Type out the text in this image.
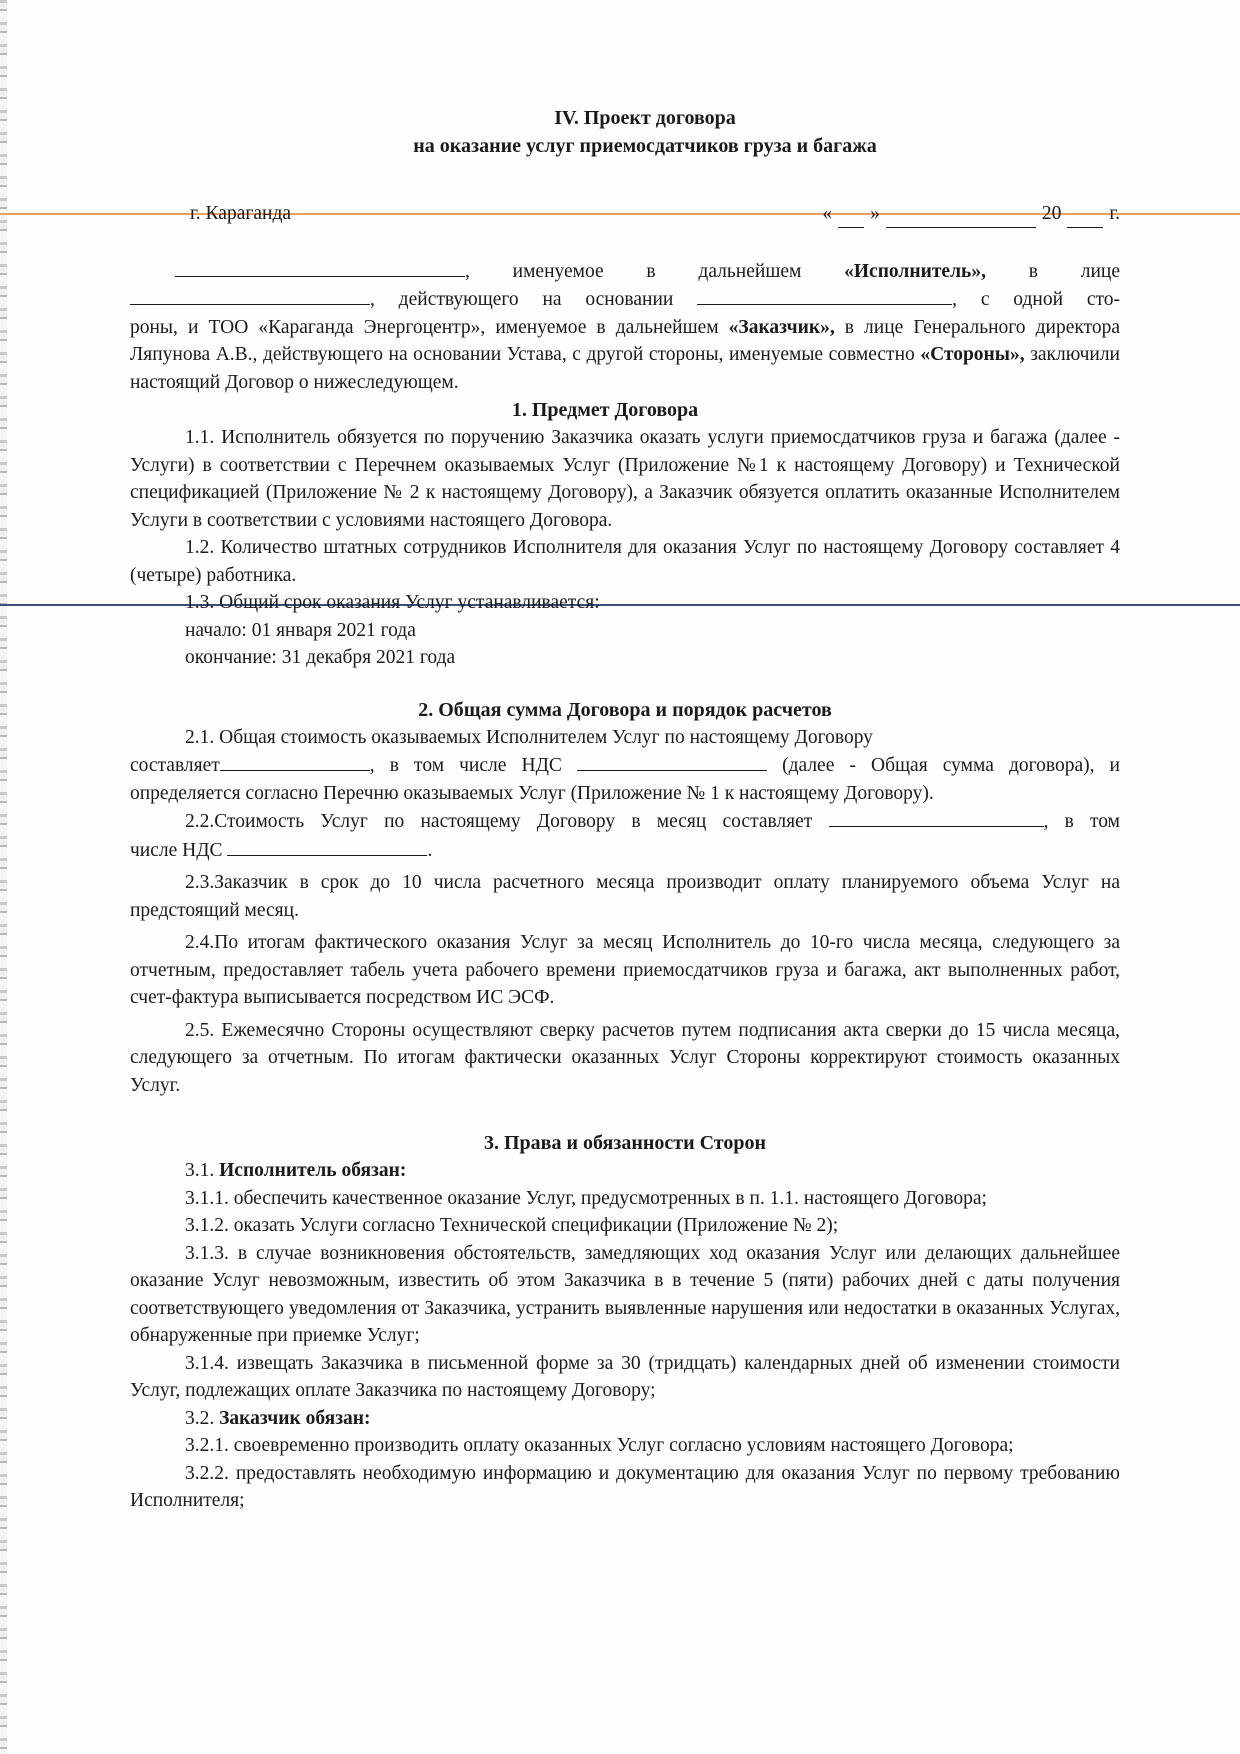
IV. Проект договора
на оказание услуг приемосдатчиков груза и багажа
г. Караганда	« »	20 г.
, именуемое в дальнейшем «Исполнитель», в лице
, действующего на основании	, с одной сто-
роны, и ТОО «Караганда Энергоцентр», именуемое в дальнейшем «Заказчик», в лице Генерального директора Ляпунова А.В., действующего на основании Устава, с другой стороны, именуемые совместно «Стороны», заключили настоящий Договор о нижеследующем.
1. Предмет Договора
1.1. Исполнитель обязуется по поручению Заказчика оказать услуги приемосдатчиков груза и багажа (далее - Услуги) в соответствии с Перечнем оказываемых Услуг (Приложение №1 к настоящему Договору) и Технической спецификацией (Приложение № 2 к настоящему Договору), а Заказчик обязуется оплатить оказанные Исполнителем Услуги в соответствии с условиями настоящего Договора.
1.2. Количество штатных сотрудников Исполнителя для оказания Услуг по настоящему Договору составляет 4 (четыре) работника.
1.3. Общий срок оказания Услуг устанавливается:
начало: 01 января 2021 года
окончание: 31 декабря 2021 года
2. Общая сумма Договора и порядок расчетов
2.1. Общая стоимость оказываемых Исполнителем Услуг по настоящему Договору
составляет	, в том числе НДС	(далее - Общая сумма договора), и
определяется согласно Перечню оказываемых Услуг (Приложение № 1 к настоящему Договору).
2.2.Стоимость Услуг по настоящему Договору в месяц составляет	, в том
числе НДС	.
2.3.Заказчик в срок до 10 числа расчетного месяца производит оплату планируемого объема Услуг на предстоящий месяц.
2.4.По итогам фактического оказания Услуг за месяц Исполнитель до 10-го числа месяца, следующего за отчетным, предоставляет табель учета рабочего времени приемосдатчиков груза и багажа, акт выполненных работ, счет-фактура выписывается посредством ИС ЭСФ.
2.5. Ежемесячно Стороны осуществляют сверку расчетов путем подписания акта сверки до 15 числа месяца, следующего за отчетным. По итогам фактически оказанных Услуг Стороны корректируют стоимость оказанных Услуг.
3. Права и обязанности Сторон
3.1. Исполнитель обязан:
3.1.1. обеспечить качественное оказание Услуг, предусмотренных в п. 1.1. настоящего Договора;
3.1.2. оказать Услуги согласно Технической спецификации (Приложение № 2);
3.1.3. в случае возникновения обстоятельств, замедляющих ход оказания Услуг или делающих дальнейшее оказание Услуг невозможным, известить об этом Заказчика в в течение 5 (пяти) рабочих дней с даты получения соответствующего уведомления от Заказчика, устранить выявленные нарушения или недостатки в оказанных Услугах, обнаруженные при приемке Услуг;
3.1.4. извещать Заказчика в письменной форме за 30 (тридцать) календарных дней об изменении стоимости Услуг, подлежащих оплате Заказчика по настоящему Договору;
3.2. Заказчик обязан:
3.2.1. своевременно производить оплату оказанных Услуг согласно условиям настоящего Договора;
3.2.2. предоставлять необходимую информацию и документацию для оказания Услуг по первому требованию Исполнителя;
